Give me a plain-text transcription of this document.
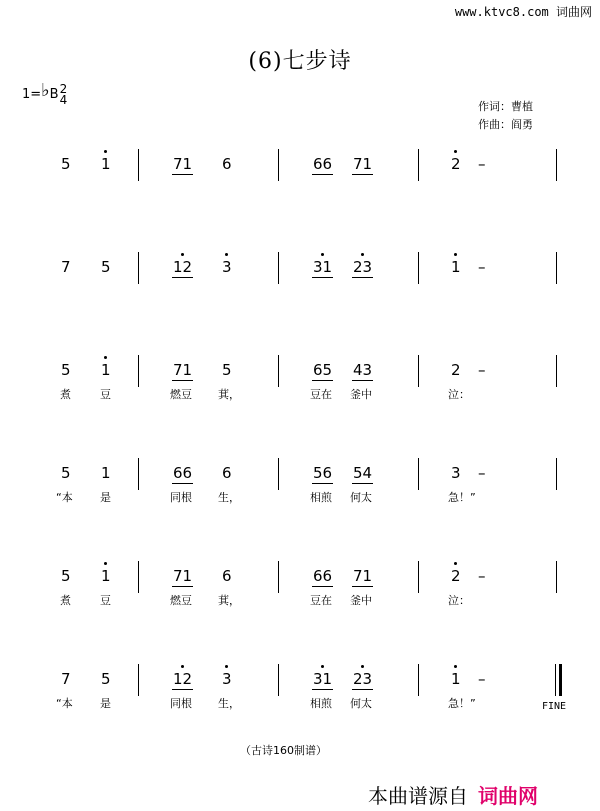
www.ktvc8.com 词曲网
(6)七步诗
1=♭B2
4	作词：曹植
作曲：阎勇
5 1	71 6	66 71	2 –
7 5	12 3	31 23	1 –
5 1	71 5	65 43	2 –
煮	豆	燃豆 萁，	豆在 釜中	泣：
5 1	66 6	56 54	3 –
“本 是	同根 生，	相煎 何太	急！”
5 1	71 6	66 71	2 –
煮	豆	燃豆 萁，	豆在 釜中	泣：
7 5	12 3	31 23	1 –
FINE
“本 是	同根 生，	相煎 何太	急！”
（古诗160制谱）
本曲谱源自 词曲网
